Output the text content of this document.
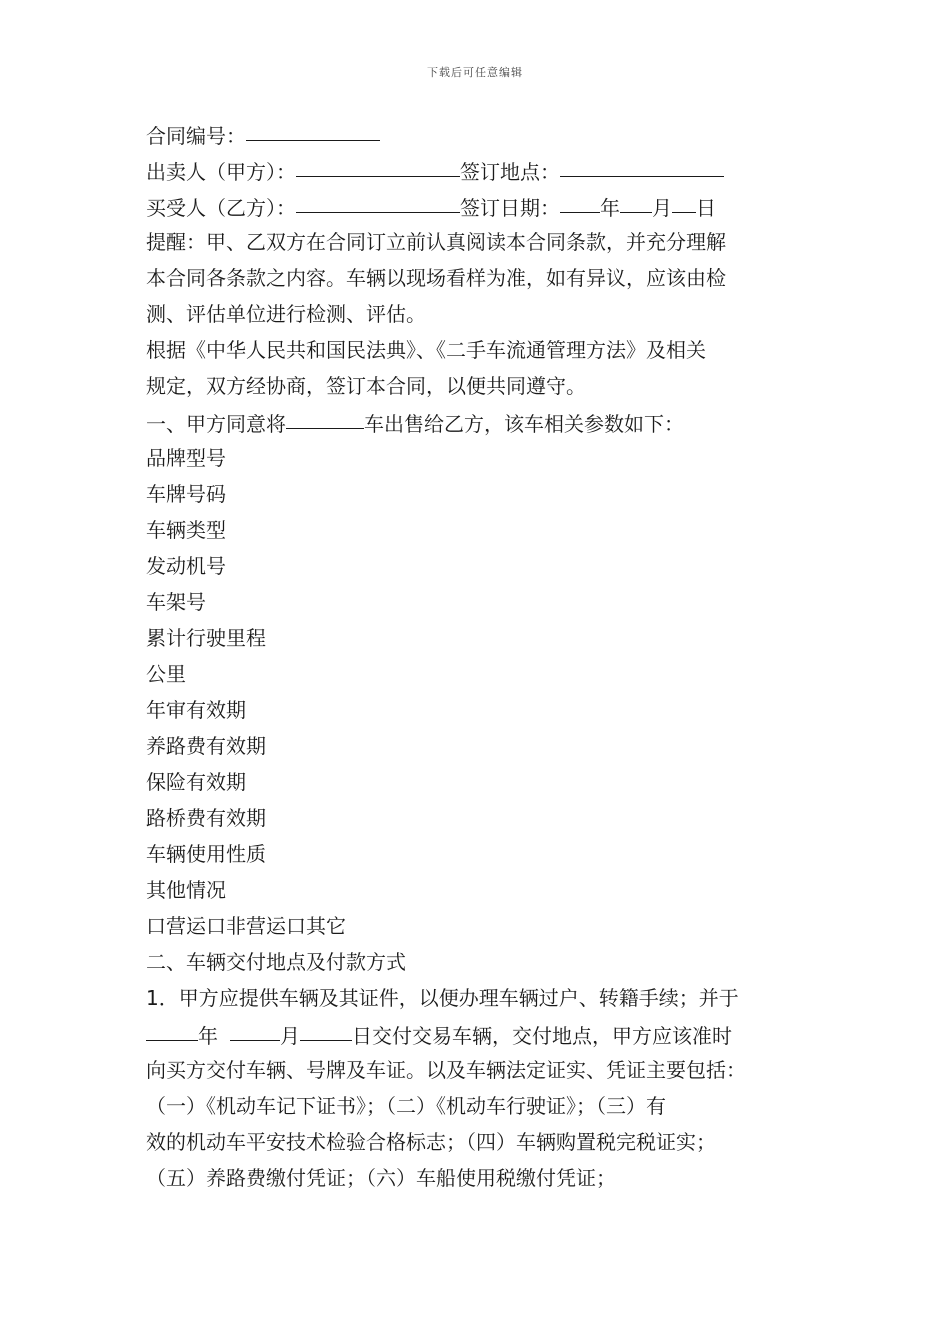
下载后可任意编辑
合同编号：
出卖人（甲方）：	签订地点：
买受人（乙方）：	签订日期： 年 月 日
提醒：甲、乙双方在合同订立前认真阅读本合同条款，并充分理解
本合同各条款之内容。车辆以现场看样为准，如有异议，应该由检
测、评估单位进行检测、评估。
根据《中华人民共和国民法典》、《二手车流通管理方法》及相关
规定，双方经协商，签订本合同，以便共同遵守。
一、甲方同意将	车出售给乙方，该车相关参数如下：
品牌型号
车牌号码
车辆类型
发动机号
车架号
累计行驶里程
公里
年审有效期
养路费有效期
保险有效期
路桥费有效期
车辆使用性质
其他情况
口营运口非营运口其它
二、车辆交付地点及付款方式
1．甲方应提供车辆及其证件，以便办理车辆过户、转籍手续；并于
年	月	日交付交易车辆，交付地点，甲方应该准时
向买方交付车辆、号牌及车证。以及车辆法定证实、凭证主要包括：
（一）《机动车记下证书》；（二）《机动车行驶证》；（三）有
效的机动车平安技术检验合格标志；（四）车辆购置税完税证实；
（五）养路费缴付凭证；（六）车船使用税缴付凭证；
